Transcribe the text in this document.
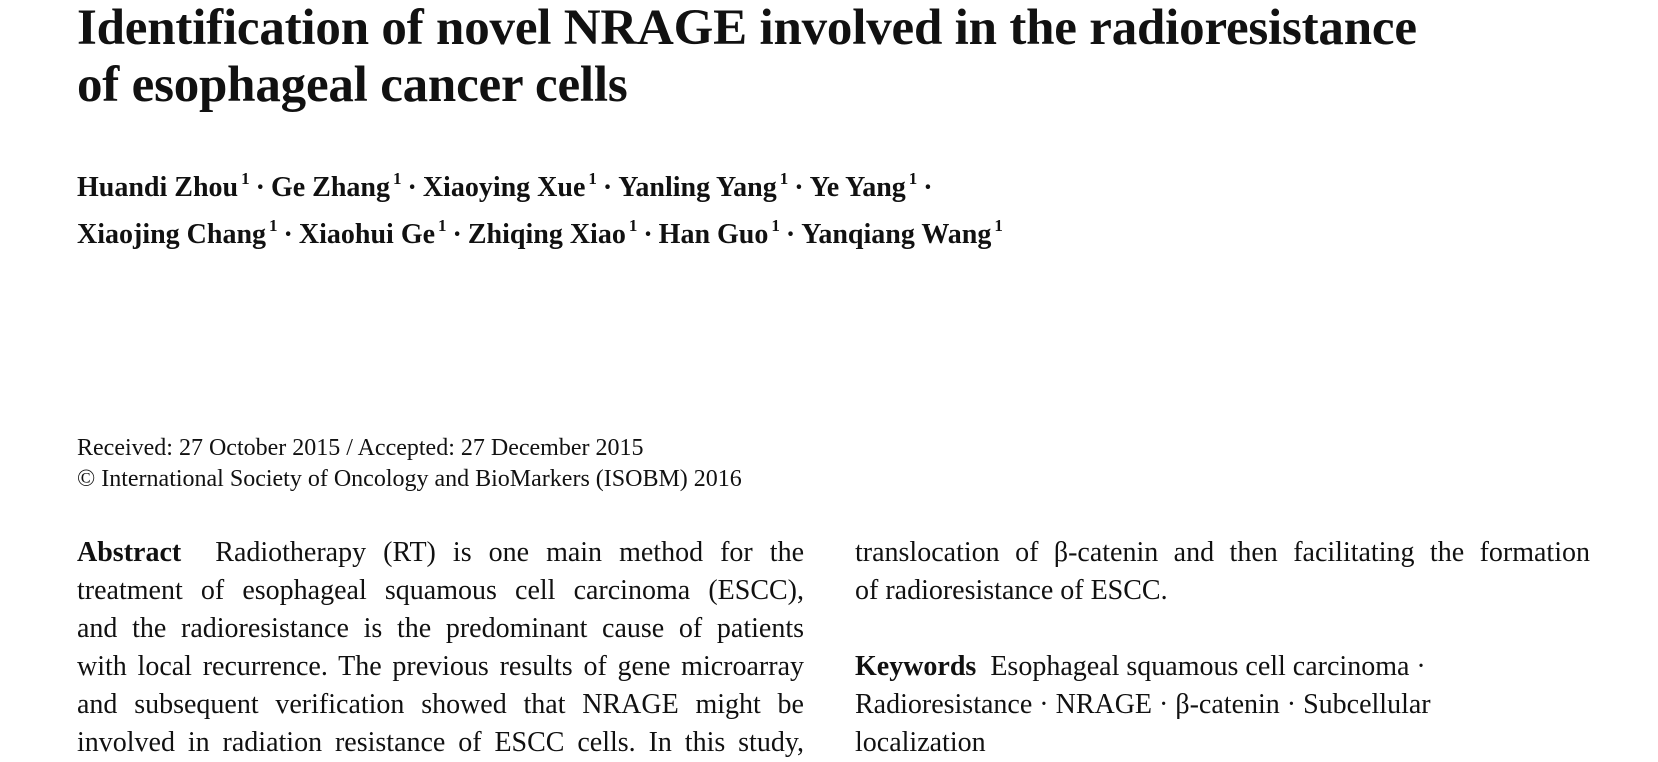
Identification of novel NRAGE involved in the radioresistance
of esophageal cancer cells
Huandi Zhou $^1$ · Ge Zhang $^1$ · Xiaoying Xue $^1$ · Yanling Yang $^1$ · Ye Yang $^1$ ·
Xiaojing Chang $^1$ · Xiaohui Ge $^1$ · Zhiqing Xiao $^1$ · Han Guo $^1$ · Yanqiang Wang $^1$
Received: 27 October 2015 / Accepted: 27 December 2015
© International Society of Oncology and BioMarkers (ISOBM) 2016
Abstract Radiotherapy (RT) is one main method for the
treatment of esophageal squamous cell carcinoma (ESCC),
and the radioresistance is the predominant cause of patients
with local recurrence. The previous results of gene microarray
and subsequent verification showed that NRAGE might be
involved in radiation resistance of ESCC cells. In this study,
translocation of β-catenin and then facilitating the formation
of radioresistance of ESCC.
Keywords Esophageal squamous cell carcinoma ·
Radioresistance · NRAGE · β-catenin · Subcellular
localization
